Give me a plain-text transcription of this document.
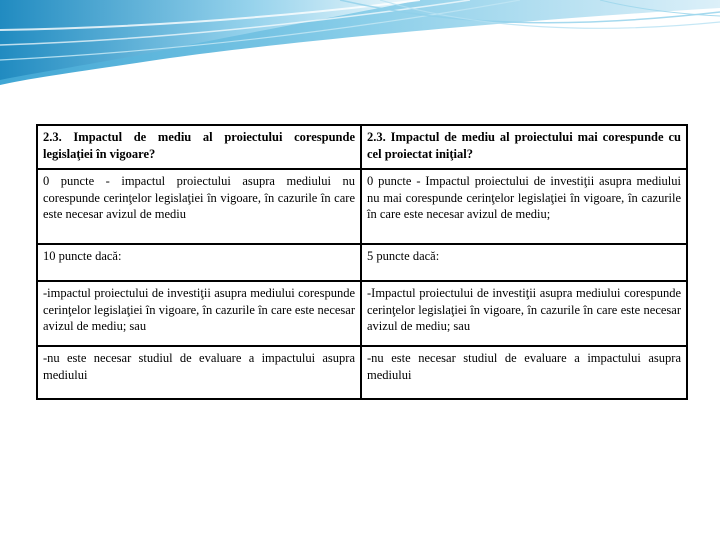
2.3. Impactul de mediu al proiectului corespunde legislaţiei în vigoare?	2.3. Impactul de mediu al proiectului mai corespunde cu cel proiectat iniţial?
0 puncte - impactul proiectului asupra mediului nu corespunde cerinţelor legislaţiei în vigoare, în cazurile în care este necesar avizul de mediu	0 puncte - Impactul proiectului de investiţii asupra mediului nu mai corespunde cerinţelor legislaţiei în vigoare, în cazurile în care este necesar avizul de mediu;
10 puncte dacă:	5 puncte dacă:
-impactul proiectului de investiţii asupra mediului corespunde cerinţelor legislaţiei în vigoare, în cazurile în care este necesar avizul de mediu; sau	-Impactul proiectului de investiţii asupra mediului corespunde cerinţelor legislaţiei în vigoare, în cazurile în care este necesar avizul de mediu; sau
-nu este necesar studiul de evaluare a impactului asupra mediului	-nu este necesar studiul de evaluare a impactului asupra mediului
